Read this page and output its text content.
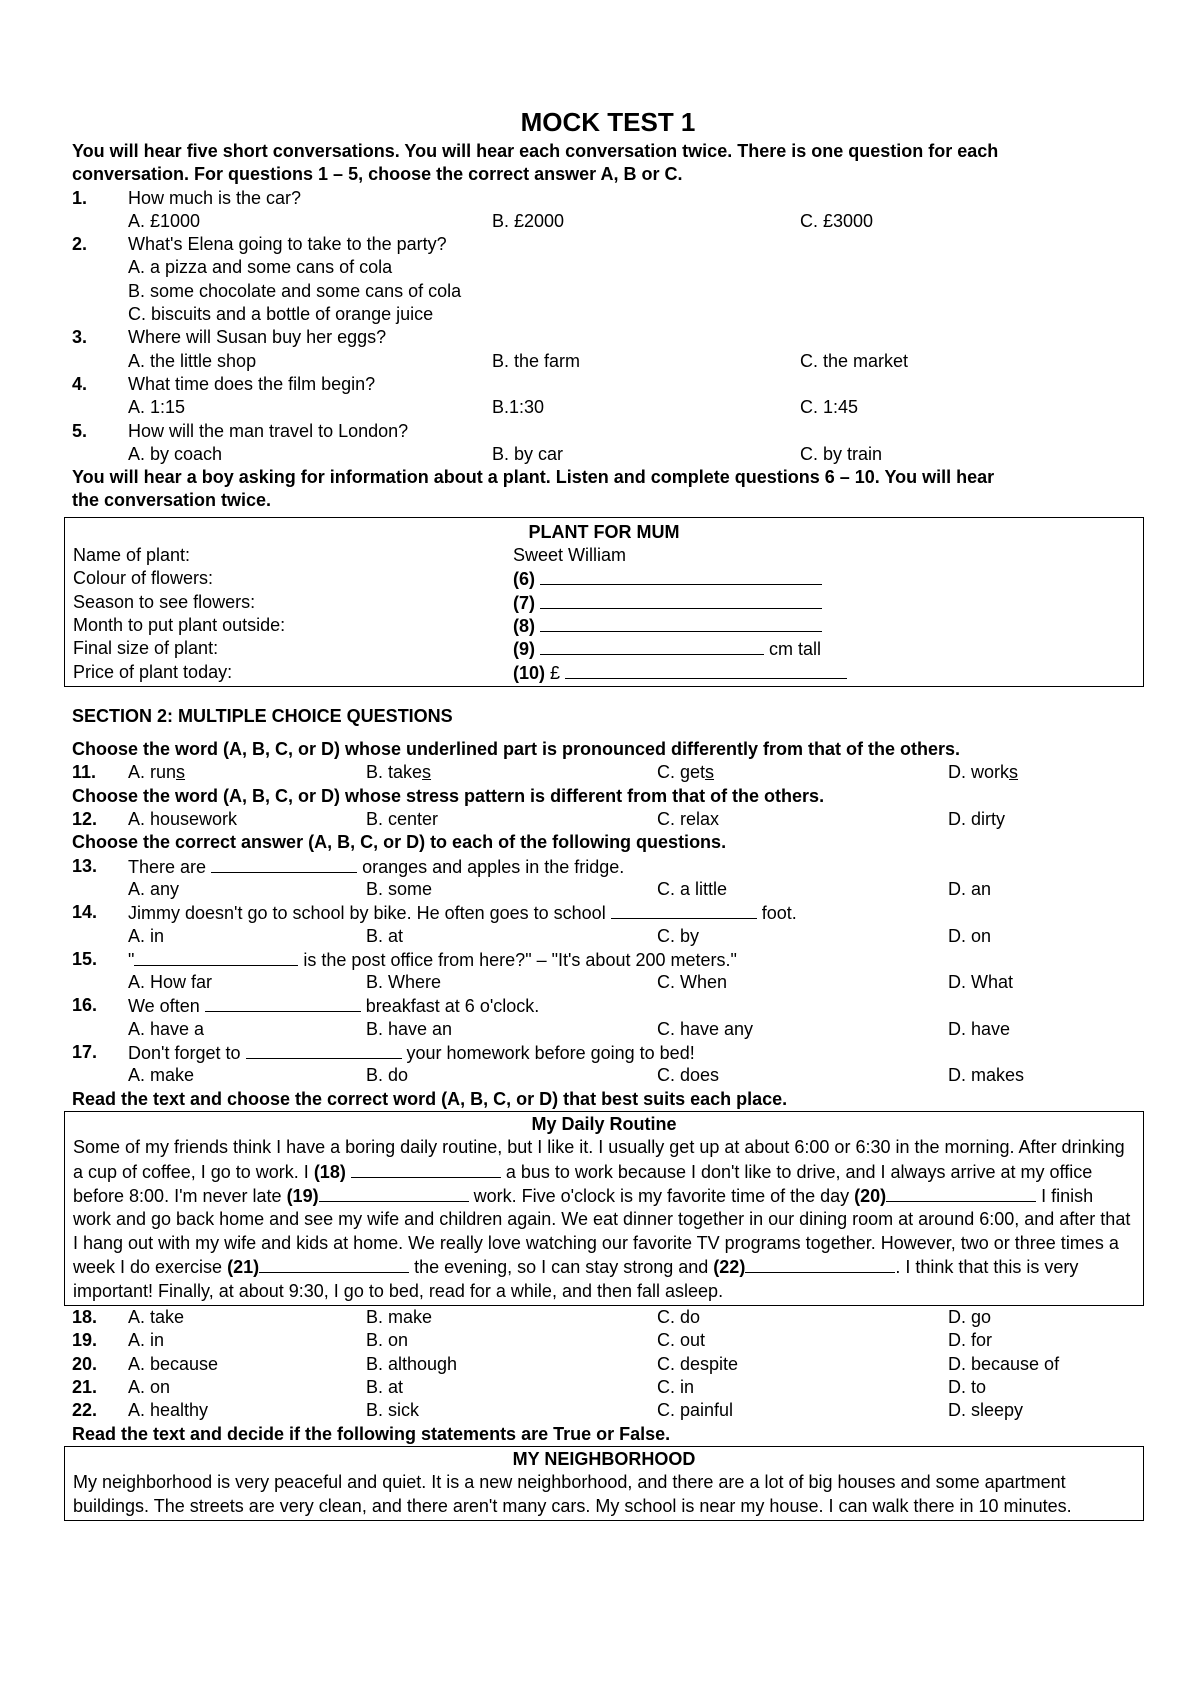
MOCK TEST 1
You will hear five short conversations. You will hear each conversation twice. There is one question for each
conversation. For questions 1 – 5, choose the correct answer A, B or C.
1. How much is the car?
A. £1000	B. £2000	C. £3000
2. What's Elena going to take to the party?
A. a pizza and some cans of cola
B. some chocolate and some cans of cola
C. biscuits and a bottle of orange juice
3. Where will Susan buy her eggs?
A. the little shop	B. the farm	C. the market
4. What time does the film begin?
A. 1:15	B.1:30	C. 1:45
5. How will the man travel to London?
A. by coach	B. by car	C. by train
You will hear a boy asking for information about a plant. Listen and complete questions 6 – 10. You will hear
the conversation twice.
PLANT FOR MUM
Name of plant:	Sweet William
Colour of flowers:	(6)
Season to see flowers:	(7)
Month to put plant outside:	(8)
Final size of plant:	(9)	cm tall
Price of plant today:	(10) £
SECTION 2: MULTIPLE CHOICE QUESTIONS
Choose the word (A, B, C, or D) whose underlined part is pronounced differently from that of the others.
11. A. runs	B. takes	C. gets	D. works
Choose the word (A, B, C, or D) whose stress pattern is different from that of the others.
12. A. housework	B. center	C. relax	D. dirty
Choose the correct answer (A, B, C, or D) to each of the following questions.
13. There are	oranges and apples in the fridge.
A. any	B. some	C. a little	D. an
14. Jimmy doesn't go to school by bike. He often goes to school	foot.
A. in	B. at	C. by	D. on
15. "	is the post office from here?" – "It's about 200 meters."
A. How far	B. Where	C. When	D. What
16. We often	breakfast at 6 o'clock.
A. have a	B. have an	C. have any	D. have
17. Don't forget to	your homework before going to bed!
A. make	B. do	C. does	D. makes
Read the text and choose the correct word (A, B, C, or D) that best suits each place.
My Daily Routine
Some of my friends think I have a boring daily routine, but I like it. I usually get up at about 6:00 or 6:30 in the morning. After drinking a cup of coffee, I go to work. I (18)	a bus to work because I don't like to drive, and I always arrive at my office before 8:00. I'm never late (19)	work. Five o'clock is my favorite time of the day (20)	I finish work and go back home and see my wife and children again. We eat dinner together in our dining room at around 6:00, and after that I hang out with my wife and kids at home. We really love watching our favorite TV programs together. However, two or three times a week I do exercise (21)	the evening, so I can stay strong and (22)	. I think that this is very important! Finally, at about 9:30, I go to bed, read for a while, and then fall asleep.
18. A. take	B. make	C. do	D. go
19. A. in	B. on	C. out	D. for
20. A. because	B. although	C. despite	D. because of
21. A. on	B. at	C. in	D. to
22. A. healthy	B. sick	C. painful	D. sleepy
Read the text and decide if the following statements are True or False.
MY NEIGHBORHOOD
My neighborhood is very peaceful and quiet. It is a new neighborhood, and there are a lot of big houses and some apartment buildings. The streets are very clean, and there aren't many cars. My school is near my house. I can walk there in 10 minutes.
